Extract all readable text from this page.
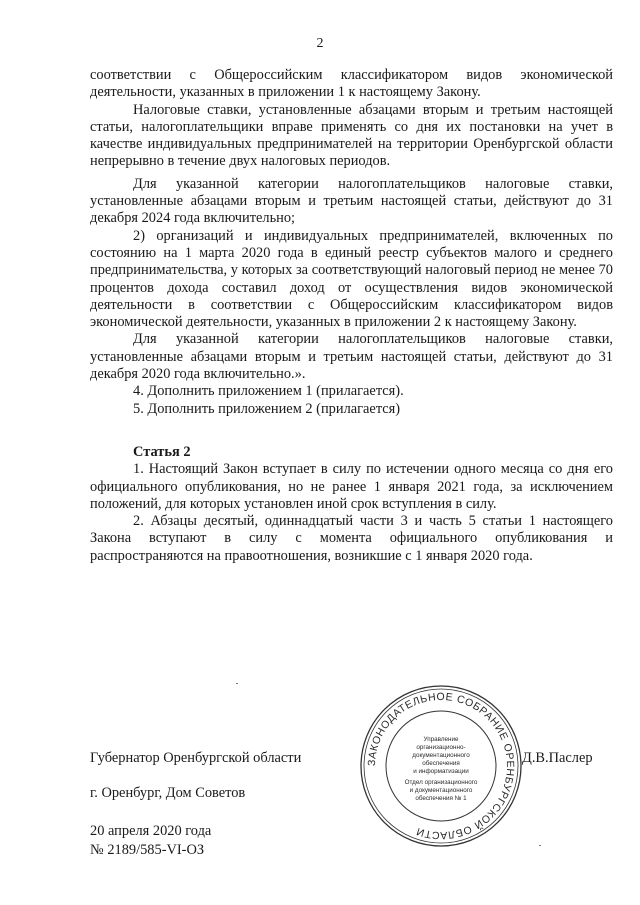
2

соответствии с Общероссийским классификатором видов экономической деятельности, указанных в приложении 1 к настоящему Закону.

Налоговые ставки, установленные абзацами вторым и третьим настоящей статьи, налогоплательщики вправе применять со дня их постановки на учет в качестве индивидуальных предпринимателей на территории Оренбургской области непрерывно в течение двух налоговых периодов.

Для указанной категории налогоплательщиков налоговые ставки, установленные абзацами вторым и третьим настоящей статьи, действуют до 31 декабря 2024 года включительно;

2) организаций и индивидуальных предпринимателей, включенных по состоянию на 1 марта 2020 года в единый реестр субъектов малого и среднего предпринимательства, у которых за соответствующий налоговый период не менее 70 процентов дохода составил доход от осуществления видов экономической деятельности в соответствии с Общероссийским классификатором видов экономической деятельности, указанных в приложении 2 к настоящему Закону.

Для указанной категории налогоплательщиков налоговые ставки, установленные абзацами вторым и третьим настоящей статьи, действуют до 31 декабря 2020 года включительно.».

4. Дополнить приложением 1 (прилагается).

5. Дополнить приложением 2 (прилагается)

Статья 2

1. Настоящий Закон вступает в силу по истечении одного месяца со дня его официального опубликования, но не ранее 1 января 2021 года, за исключением положений, для которых установлен иной срок вступления в силу.

2. Абзацы десятый, одиннадцатый части 3 и часть 5 статьи 1 настоящего Закона вступают в силу с момента официального опубликования и распространяются на правоотношения, возникшие с 1 января 2020 года.

Губернатор Оренбургской области	Д.В.Паслер
г. Оренбург, Дом Советов
20 апреля 2020 года
№ 2189/585-VI-ОЗ
ЗАКОНОДАТЕЛЬНОЕ СОБРАНИЕ ОРЕНБУРГСКОЙ ОБЛАСТИ
Управление
организационно-
документационного
обеспечения
и информатизации
Отдел организационного
и документационного
обеспечения № 1
